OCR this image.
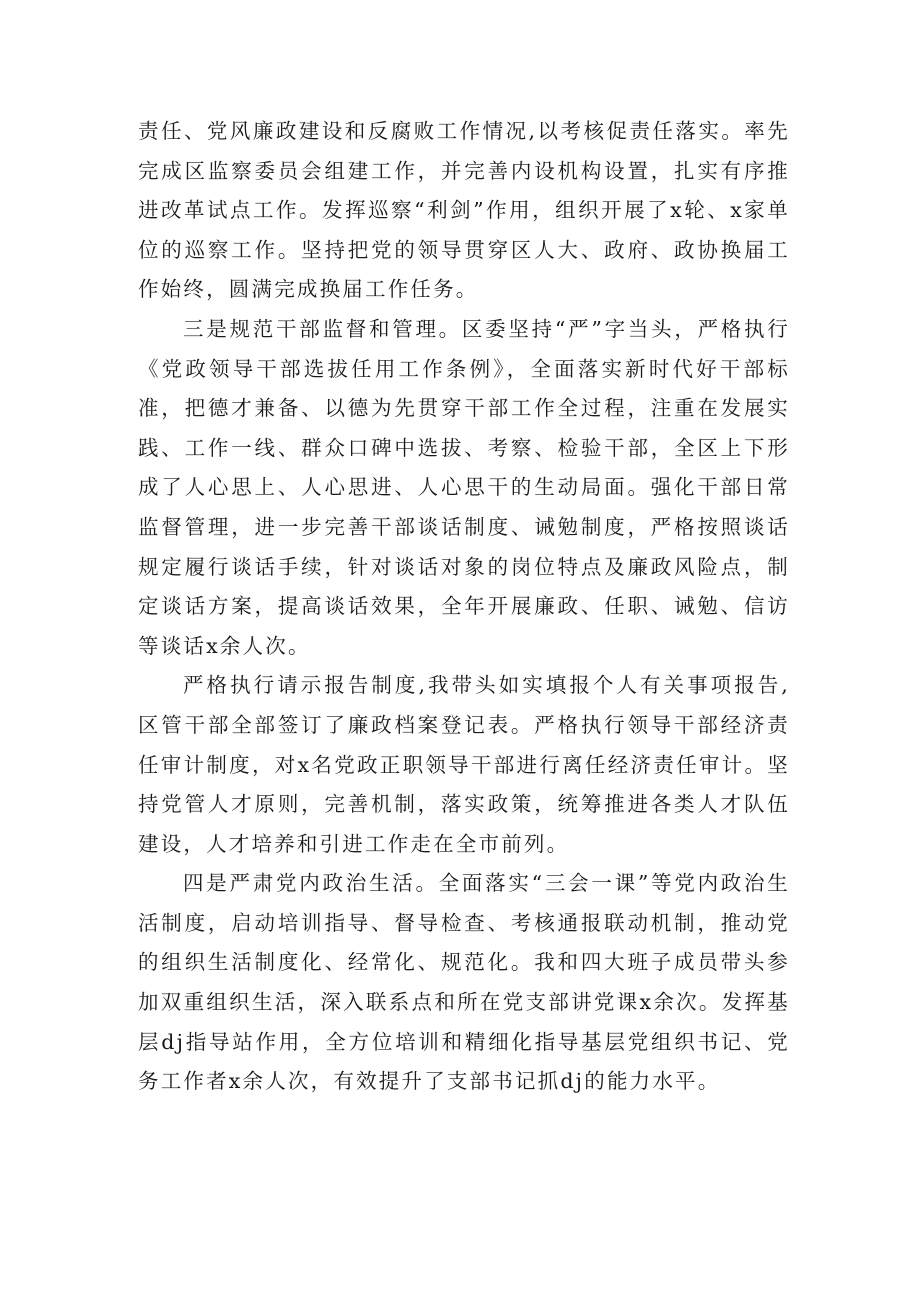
责任、党风廉政建设和反腐败工作情况,以考核促责任落实。率先完成区监察委员会组建工作，并完善内设机构设置，扎实有序推进改革试点工作。发挥巡察“利剑”作用，组织开展了x轮、x家单位的巡察工作。坚持把党的领导贯穿区人大、政府、政协换届工作始终，圆满完成换届工作任务。

三是规范干部监督和管理。区委坚持“严”字当头，严格执行《党政领导干部选拔任用工作条例》，全面落实新时代好干部标准，把德才兼备、以德为先贯穿干部工作全过程，注重在发展实践、工作一线、群众口碑中选拔、考察、检验干部，全区上下形成了人心思上、人心思进、人心思干的生动局面。强化干部日常监督管理，进一步完善干部谈话制度、诫勉制度，严格按照谈话规定履行谈话手续，针对谈话对象的岗位特点及廉政风险点，制定谈话方案，提高谈话效果，全年开展廉政、任职、诫勉、信访等谈话x余人次。

严格执行请示报告制度,我带头如实填报个人有关事项报告,区管干部全部签订了廉政档案登记表。严格执行领导干部经济责任审计制度，对x名党政正职领导干部进行离任经济责任审计。坚持党管人才原则，完善机制，落实政策，统筹推进各类人才队伍建设，人才培养和引进工作走在全市前列。

四是严肃党内政治生活。全面落实“三会一课”等党内政治生活制度，启动培训指导、督导检查、考核通报联动机制，推动党的组织生活制度化、经常化、规范化。我和四大班子成员带头参加双重组织生活，深入联系点和所在党支部讲党课x余次。发挥基层dj指导站作用，全方位培训和精细化指导基层党组织书记、党务工作者x余人次，有效提升了支部书记抓dj的能力水平。
